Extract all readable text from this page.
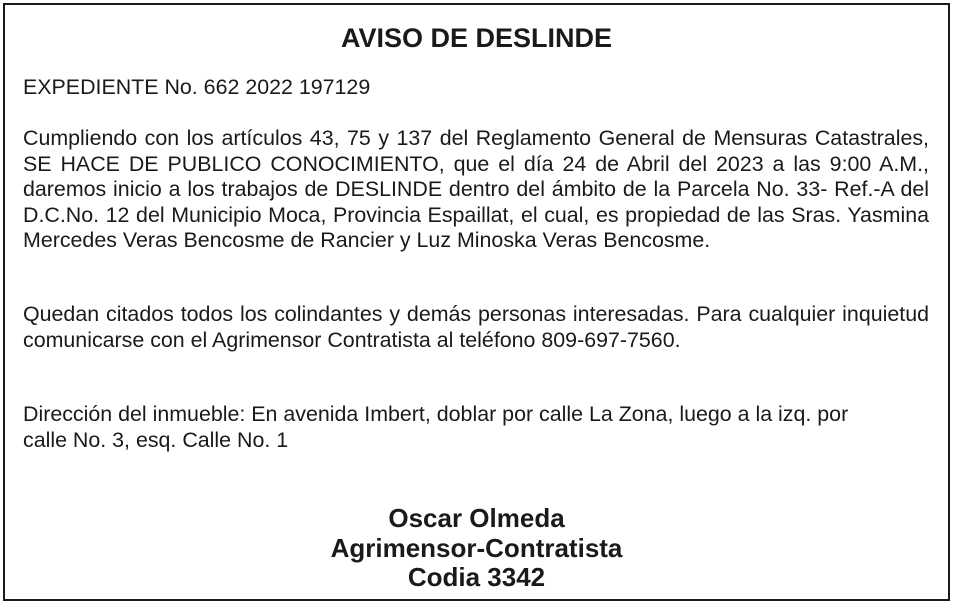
AVISO DE DESLINDE
EXPEDIENTE No. 662 2022 197129
Cumpliendo con los artículos 43, 75 y 137 del Reglamento General de Mensuras Catastrales, SE HACE DE PUBLICO CONOCIMIENTO, que el día 24 de Abril del 2023 a las 9:00 A.M., daremos inicio a los trabajos de DESLINDE dentro del ámbito de la Parcela No. 33- Ref.-A del D.C.No. 12 del Municipio Moca, Provincia Espaillat, el cual, es propiedad de las Sras. Yasmina Mercedes Veras Bencosme de Rancier y Luz Minoska Veras Bencosme.
Quedan citados todos los colindantes y demás personas interesadas. Para cualquier inquietud comunicarse con el Agrimensor Contratista al teléfono 809-697-7560.
Dirección del inmueble: En avenida Imbert, doblar por calle La Zona, luego a la izq. por
calle No. 3, esq. Calle No. 1
Oscar Olmeda
Agrimensor-Contratista
Codia 3342
